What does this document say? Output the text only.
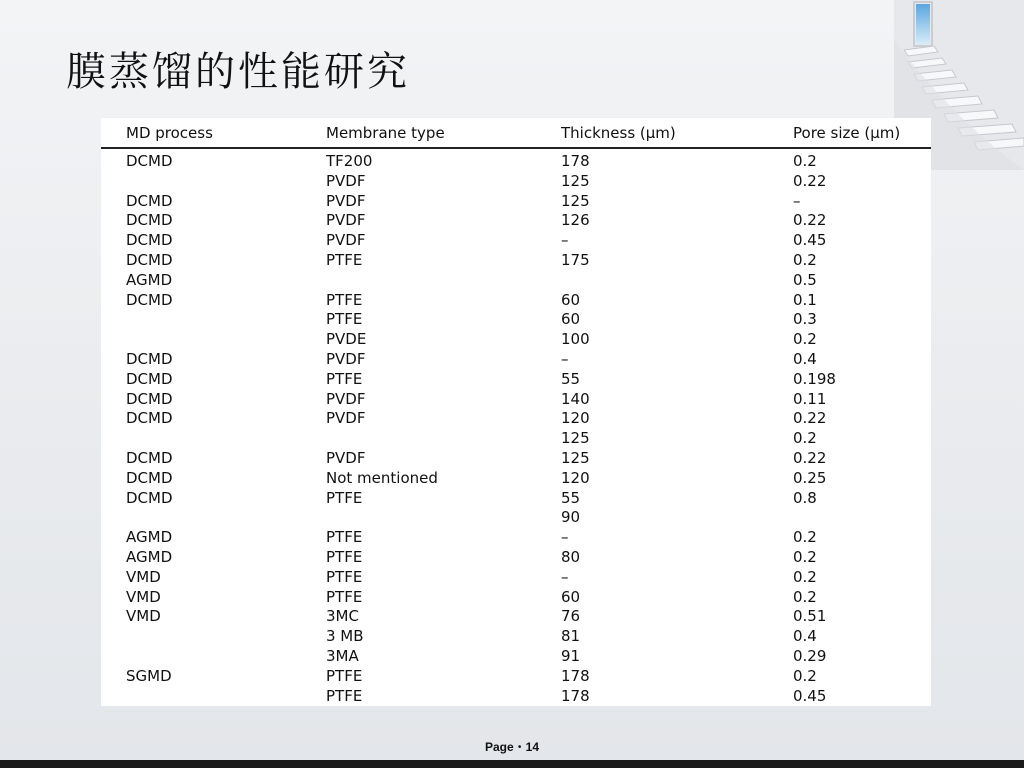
膜蒸馏的性能研究
MD process	Membrane type	Thickness (μm)	Pore size (μm)
DCMD	TF200	178	0.2
	PVDF	125	0.22
DCMD	PVDF	125	–
DCMD	PVDF	126	0.22
DCMD	PVDF	–	0.45
DCMD	PTFE	175	0.2
AGMD			0.5
DCMD	PTFE	60	0.1
	PTFE	60	0.3
	PVDE	100	0.2
DCMD	PVDF	–	0.4
DCMD	PTFE	55	0.198
DCMD	PVDF	140	0.11
DCMD	PVDF	120	0.22
		125	0.2
DCMD	PVDF	125	0.22
DCMD	Not mentioned	120	0.25
DCMD	PTFE	55	0.8
		90	
AGMD	PTFE	–	0.2
AGMD	PTFE	80	0.2
VMD	PTFE	–	0.2
VMD	PTFE	60	0.2
VMD	3MC	76	0.51
	3 MB	81	0.4
	3MA	91	0.29
SGMD	PTFE	178	0.2
	PTFE	178	0.45
Page・14
